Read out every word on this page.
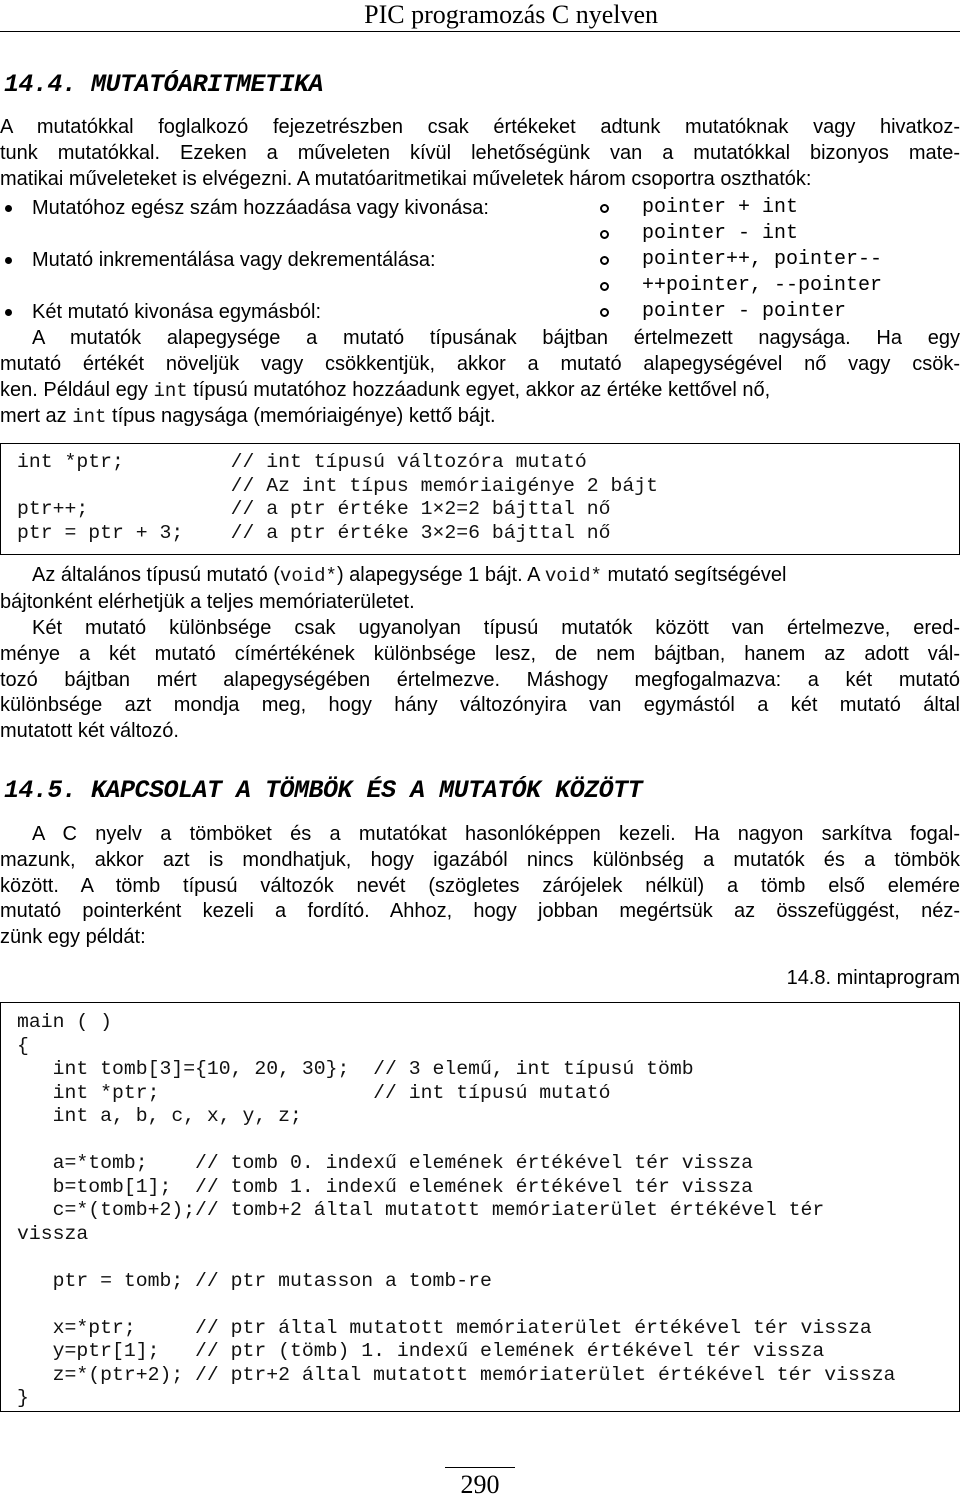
PIC programozás C nyelven
14.4. MUTATÓARITMETIKA
A mutatókkal foglalkozó fejezetrészben csak értékeket adtunk mutatóknak vagy hivatkoz-
tunk mutatókkal. Ezeken a műveleten kívül lehetőségünk van a mutatókkal bizonyos mate-
matikai műveleteket is elvégezni. A mutatóaritmetikai műveletek három csoportra oszthatók:
Mutatóhoz egész szám hozzáadása vagy kivonása:	pointer + int
pointer - int
Mutató inkrementálása vagy dekrementálása:	pointer++, pointer--
++pointer, --pointer
Két mutató kivonása egymásból:	pointer - pointer
A mutatók alapegysége a mutató típusának bájtban értelmezett nagysága. Ha egy
mutató értékét növeljük vagy csökkentjük, akkor a mutató alapegységével nő vagy csök-
ken. Például egy int típusú mutatóhoz hozzáadunk egyet, akkor az értéke kettővel nő,
mert az int típus nagysága (memóriaigénye) kettő bájt.
int *ptr;         // int típusú változóra mutató
// Az int típus memóriaigénye 2 bájt
ptr++;            // a ptr értéke 1×2=2 bájttal nő
ptr = ptr + 3;    // a ptr értéke 3×2=6 bájttal nő
Az általános típusú mutató (void*) alapegysége 1 bájt. A void* mutató segítségével
bájtonként elérhetjük a teljes memóriaterületet.
Két mutató különbsége csak ugyanolyan típusú mutatók között van értelmezve, ered-
ménye a két mutató címértékének különbsége lesz, de nem bájtban, hanem az adott vál-
tozó bájtban mért alapegységében értelmezve. Máshogy megfogalmazva: a két mutató
különbsége azt mondja meg, hogy hány változónyira van egymástól a két mutató által
mutatott két változó.
14.5. KAPCSOLAT A TÖMBÖK ÉS A MUTATÓK KÖZÖTT
A C nyelv a tömböket és a mutatókat hasonlóképpen kezeli. Ha nagyon sarkítva fogal-
mazunk, akkor azt is mondhatjuk, hogy igazából nincs különbség a mutatók és a tömbök
között. A tömb típusú változók nevét (szögletes zárójelek nélkül) a tömb első elemére
mutató pointerként kezeli a fordító. Ahhoz, hogy jobban megértsük az összefüggést, néz-
zünk egy példát:
14.8. mintaprogram
main ( )
{
int tomb[3]={10, 20, 30};  // 3 elemű, int típusú tömb
int *ptr;                  // int típusú mutató
int a, b, c, x, y, z;

a=*tomb;    // tomb 0. indexű elemének értékével tér vissza
b=tomb[1];  // tomb 1. indexű elemének értékével tér vissza
c=*(tomb+2);// tomb+2 által mutatott memóriaterület értékével tér
vissza

ptr = tomb; // ptr mutasson a tomb-re

x=*ptr;     // ptr által mutatott memóriaterület értékével tér vissza
y=ptr[1];   // ptr (tömb) 1. indexű elemének értékével tér vissza
z=*(ptr+2); // ptr+2 által mutatott memóriaterület értékével tér vissza
}
290
